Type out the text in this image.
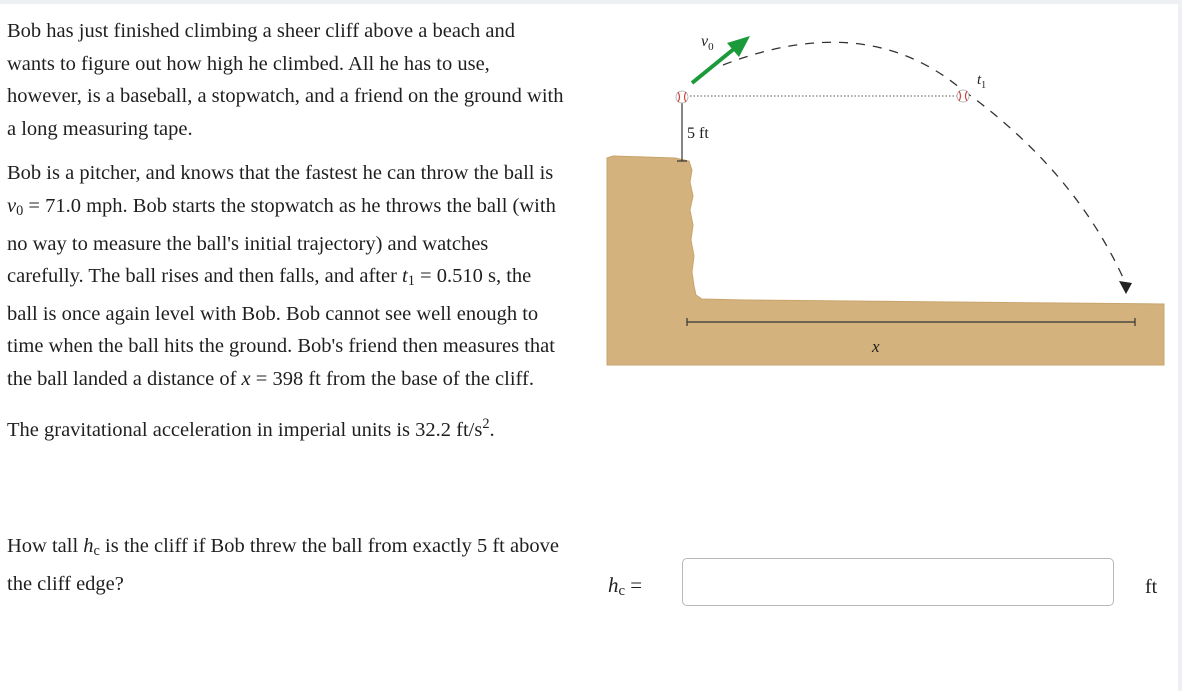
Bob has just finished climbing a sheer cliff above a beach and wants to figure out how high he climbed. All he has to use, however, is a baseball, a stopwatch, and a friend on the ground with a long measuring tape.

Bob is a pitcher, and knows that the fastest he can throw the ball is $v_0 = 71.0$ mph. Bob starts the stopwatch as he throws the ball (with no way to measure the ball's initial trajectory) and watches carefully. The ball rises and then falls, and after $t_1 = 0.510$ s, the ball is once again level with Bob. Bob cannot see well enough to time when the ball hits the ground. Bob's friend then measures that the ball landed a distance of x = 398 ft from the base of the cliff.

The gravitational acceleration in imperial units is 32.2 $ft/s^2$.

How tall $h_c$ is the cliff if Bob threw the ball from exactly 5 ft above the cliff edge?
5 ft
$v_0$
$t_1$
x
$h_c$ =	ft
